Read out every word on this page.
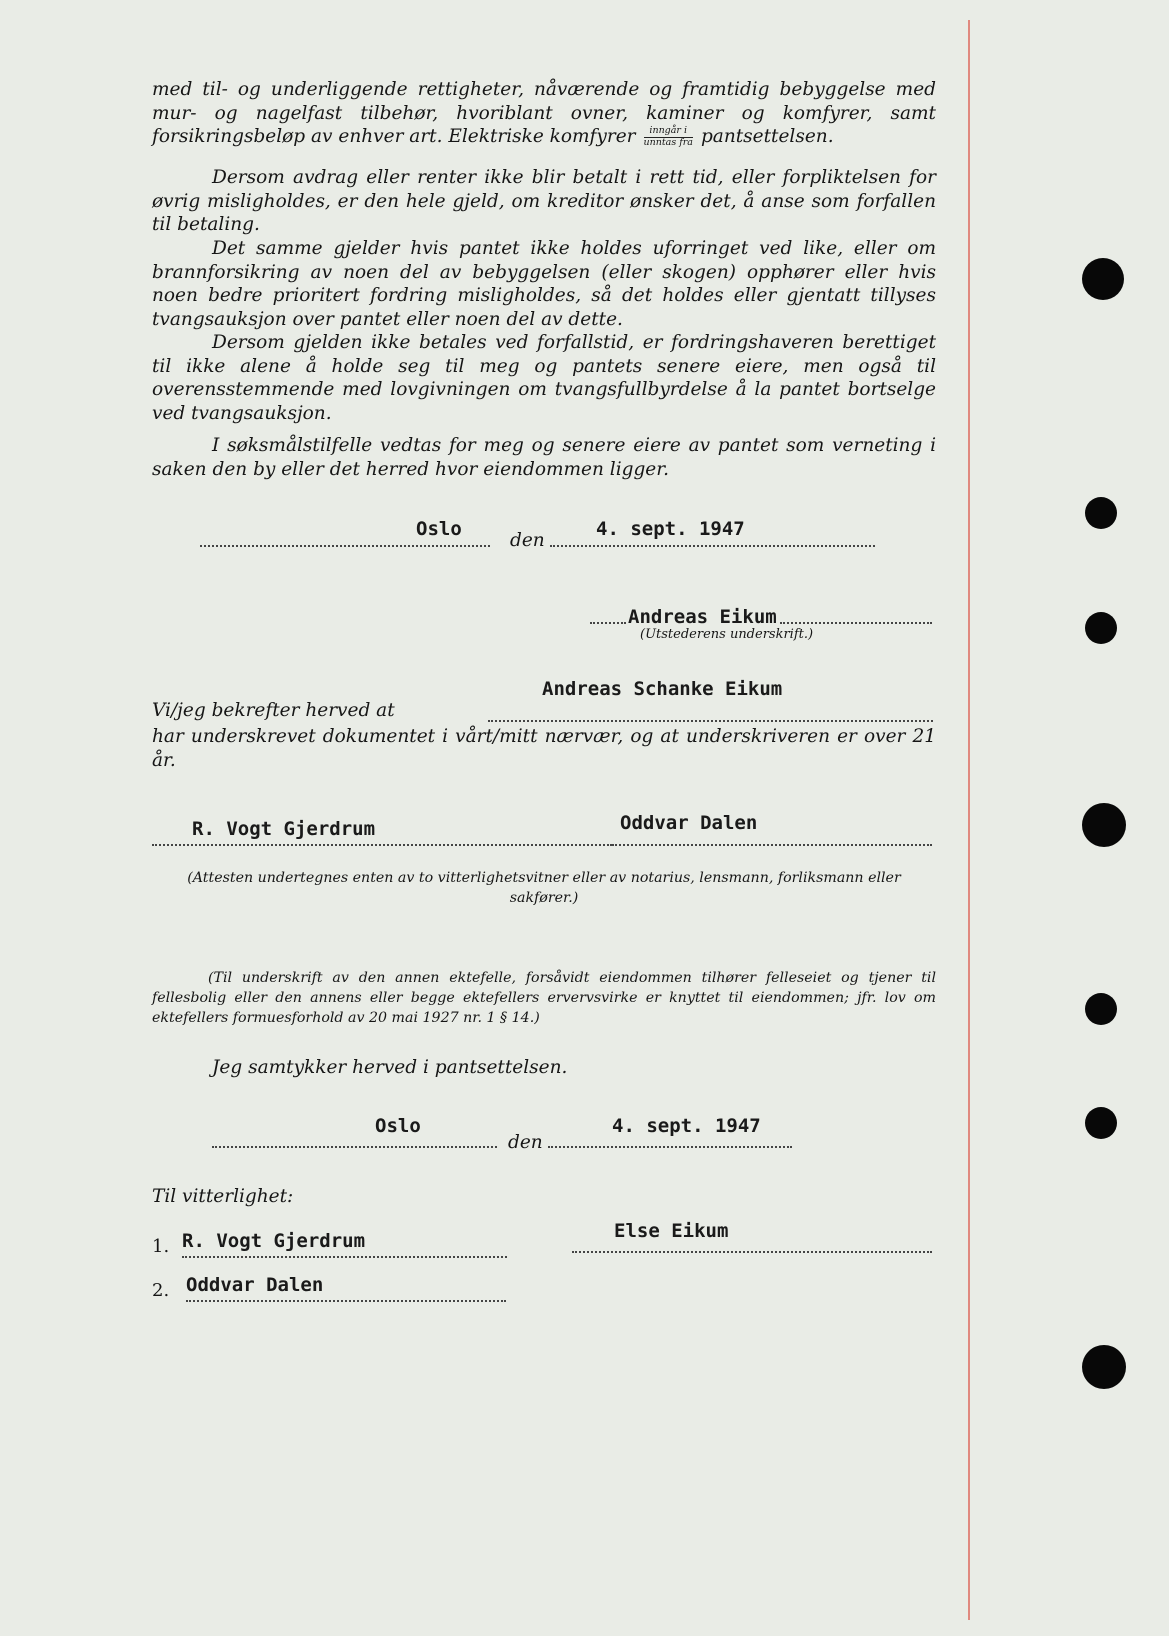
med til- og underliggende rettigheter, nåværende og framtidig bebyggelse med mur- og nagelfast tilbehør, hvoriblant ovner, kaminer og komfyrer, samt forsikringsbeløp av enhver art. Elektriske komfyrer $\frac{\text{inngår i}}{\text{unntas fra}}$ pantsettelsen.

Dersom avdrag eller renter ikke blir betalt i rett tid, eller forpliktelsen for øvrig misligholdes, er den hele gjeld, om kreditor ønsker det, å anse som forfallen til betaling.

Det samme gjelder hvis pantet ikke holdes uforringet ved like, eller om brannforsikring av noen del av bebyggelsen (eller skogen) opphører eller hvis noen bedre prioritert fordring misligholdes, så det holdes eller gjentatt tillyses tvangsauksjon over pantet eller noen del av dette.

Dersom gjelden ikke betales ved forfallstid, er fordringshaveren berettiget til ikke alene å holde seg til meg og pantets senere eiere, men også til overensstemmende med lovgivningen om tvangsfullbyrdelse å la pantet bortselge ved tvangsauksjon.

I søksmålstilfelle vedtas for meg og senere eiere av pantet som verneting i saken den by eller det herred hvor eiendommen ligger.

Oslo
den
4. sept. 1947
Andreas Eikum
(Utstederens underskrift.)
Andreas Schanke Eikum
Vi/jeg bekrefter herved at

har underskrevet dokumentet i vårt/mitt nærvær, og at underskriveren er over 21 år.

R. Vogt Gjerdrum	Oddvar Dalen

(Attesten undertegnes enten av to vitterlighetsvitner eller av notarius, lensmann, forliksmann eller sakfører.)

(Til underskrift av den annen ektefelle, forsåvidt eiendommen tilhører felleseiet og tjener til fellesbolig eller den annens eller begge ektefellers ervervsvirke er knyttet til eiendommen; jfr. lov om ektefellers formuesforhold av 20 mai 1927 nr. 1 § 14.)

Jeg samtykker herved i pantsettelsen.
Oslo
den
4. sept. 1947
Til vitterlighet:
1. R. Vogt Gjerdrum	Else Eikum
2. Oddvar Dalen
